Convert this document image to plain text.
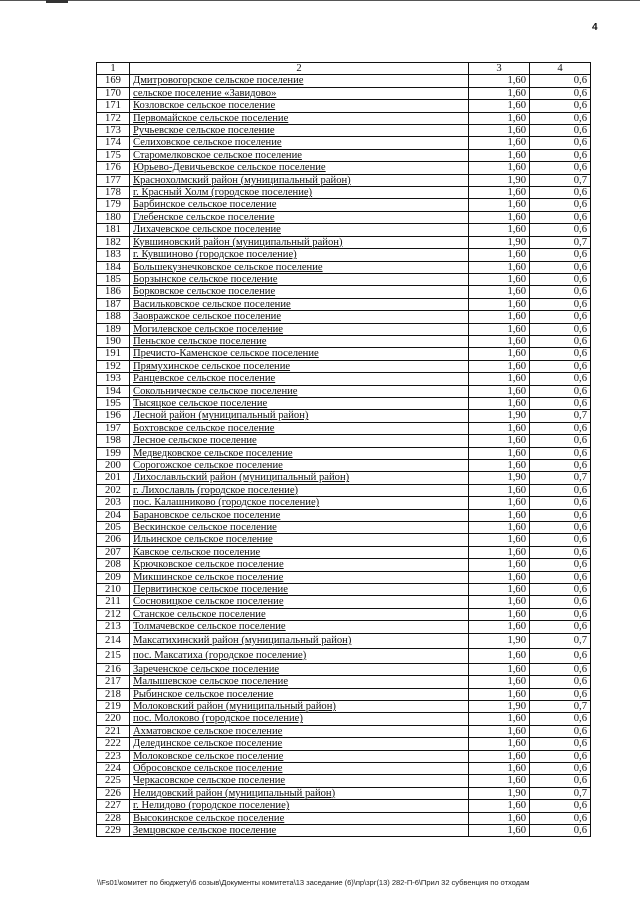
4
1	2	3	4
169	Дмитровогорское сельское поселение	1,60	0,6
170	сельское поселение «Завидово»	1,60	0,6
171	Козловское сельское поселение	1,60	0,6
172	Первомайское сельское поселение	1,60	0,6
173	Ручьевское сельское поселение	1,60	0,6
174	Селиховское сельское поселение	1,60	0,6
175	Старомелковское сельское поселение	1,60	0,6
176	Юрьево-Девичьевское сельское поселение	1,60	0,6
177	Краснохолмский район (муниципальный район)	1,90	0,7
178	г. Красный Холм (городское поселение)	1,60	0,6
179	Барбинское сельское поселение	1,60	0,6
180	Глебенское сельское поселение	1,60	0,6
181	Лихачевское сельское поселение	1,60	0,6
182	Кувшиновский район (муниципальный район)	1,90	0,7
183	г. Кувшиново (городское поселение)	1,60	0,6
184	Большекузнечковское сельское поселение	1,60	0,6
185	Борзынское сельское поселение	1,60	0,6
186	Борковское сельское поселение	1,60	0,6
187	Васильковское сельское поселение	1,60	0,6
188	Заовражское сельское поселение	1,60	0,6
189	Могилевское сельское поселение	1,60	0,6
190	Пеньское сельское поселение	1,60	0,6
191	Пречисто-Каменское сельское поселение	1,60	0,6
192	Прямухинское сельское поселение	1,60	0,6
193	Ранцевское сельское поселение	1,60	0,6
194	Сокольническое сельское поселение	1,60	0,6
195	Тысяцкое сельское поселение	1,60	0,6
196	Лесной район (муниципальный район)	1,90	0,7
197	Бохтовское сельское поселение	1,60	0,6
198	Лесное сельское поселение	1,60	0,6
199	Медведковское сельское поселение	1,60	0,6
200	Сорогожское сельское поселение	1,60	0,6
201	Лихославльский район (муниципальный район)	1,90	0,7
202	г. Лихославль (городское поселение)	1,60	0,6
203	пос. Калашниково (городское поселение)	1,60	0,6
204	Барановское сельское поселение	1,60	0,6
205	Вескинское сельское поселение	1,60	0,6
206	Ильинское сельское поселение	1,60	0,6
207	Кавское сельское поселение	1,60	0,6
208	Крючковское сельское поселение	1,60	0,6
209	Микшинское сельское поселение	1,60	0,6
210	Первитинское сельское поселение	1,60	0,6
211	Сосновицкое сельское поселение	1,60	0,6
212	Станское сельское поселение	1,60	0,6
213	Толмачевское сельское поселение	1,60	0,6
214	Максатихинский район (муниципальный район)	1,90	0,7
215	пос. Максатиха (городское поселение)	1,60	0,6
216	Зареченское сельское поселение	1,60	0,6
217	Малышевское сельское поселение	1,60	0,6
218	Рыбинское сельское поселение	1,60	0,6
219	Молоковский район (муниципальный район)	1,90	0,7
220	пос. Молоково (городское поселение)	1,60	0,6
221	Ахматовское сельское поселение	1,60	0,6
222	Делединское сельское поселение	1,60	0,6
223	Молоковское сельское поселение	1,60	0,6
224	Обросовское сельское поселение	1,60	0,6
225	Черкасовское сельское поселение	1,60	0,6
226	Нелидовский район (муниципальный район)	1,90	0,7
227	г. Нелидово (городское поселение)	1,60	0,6
228	Высокинское сельское поселение	1,60	0,6
229	Земцовское сельское поселение	1,60	0,6
\\Fs01\комитет по бюджету\6 созыв\Документы комитета\13 заседание (6)\пр\зрг(13) 282-П-6\Прил 32 субвенция по отходам
